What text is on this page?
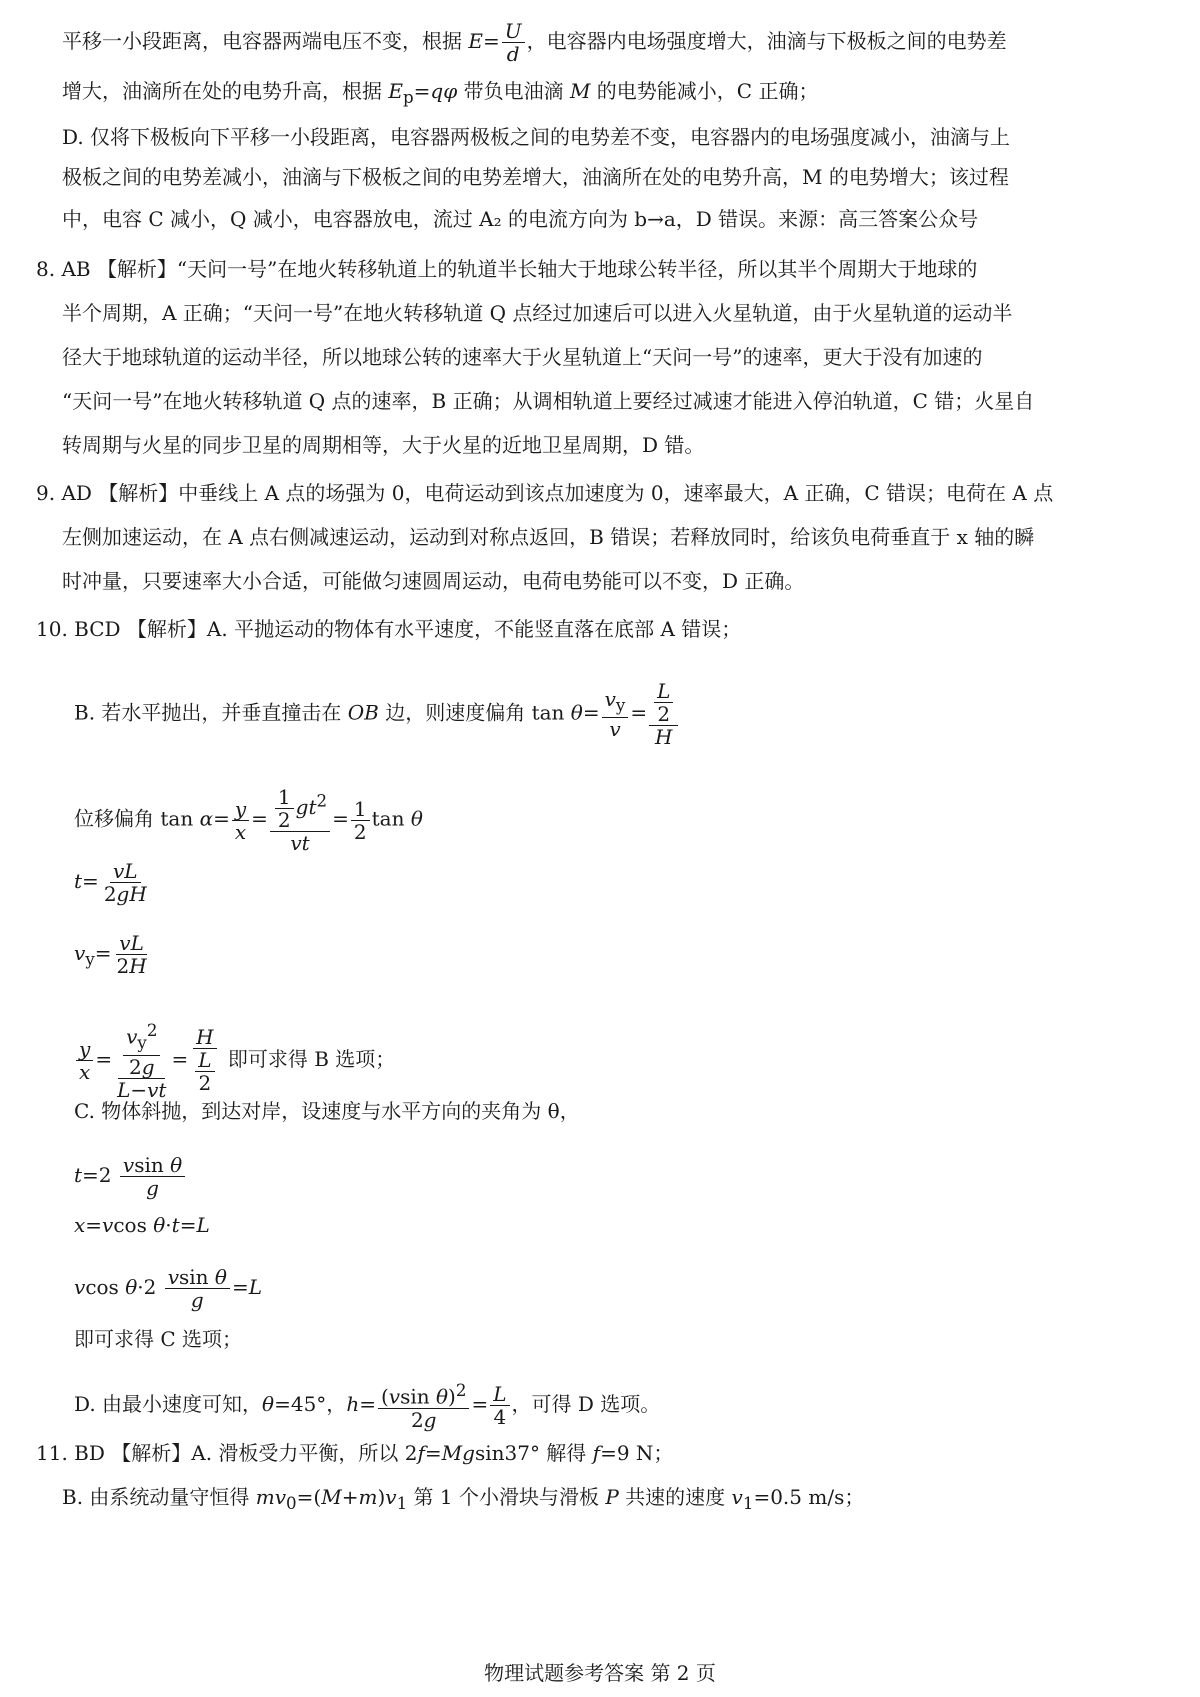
平移一小段距离，电容器两端电压不变，根据 $E= \frac{U}{d}$ ，电容器内电场强度增大，油滴与下极板之间的电势差
增大，油滴所在处的电势升高，根据 $E_p=q\varphi$ 带负电油滴 M 的电势能减小，C 正确；
D. 仅将下极板向下平移一小段距离，电容器两极板之间的电势差不变，电容器内的电场强度减小，油滴与上
极板之间的电势差减小，油滴与下极板之间的电势差增大，油滴所在处的电势升高，M 的电势增大；该过程
中，电容 C 减小，Q 减小，电容器放电，流过 A₂ 的电流方向为 b→a，D 错误。来源：高三答案公众号
8. AB 【解析】“天问一号”在地火转移轨道上的轨道半长轴大于地球公转半径，所以其半个周期大于地球的
半个周期，A 正确；“天问一号”在地火转移轨道 Q 点经过加速后可以进入火星轨道，由于火星轨道的运动半
径大于地球轨道的运动半径，所以地球公转的速率大于火星轨道上“天问一号”的速率，更大于没有加速的
“天问一号”在地火转移轨道 Q 点的速率，B 正确；从调相轨道上要经过减速才能进入停泊轨道，C 错；火星自
转周期与火星的同步卫星的周期相等，大于火星的近地卫星周期，D 错。
9. AD 【解析】中垂线上 A 点的场强为 0，电荷运动到该点加速度为 0，速率最大，A 正确，C 错误；电荷在 A 点
左侧加速运动，在 A 点右侧减速运动，运动到对称点返回，B 错误；若释放同时，给该负电荷垂直于 x 轴的瞬
时冲量，只要速率大小合适，可能做匀速圆周运动，电荷电势能可以不变，D 正确。
10. BCD 【解析】A. 平抛运动的物体有水平速度，不能竖直落在底部 A 错误；
B. 若水平抛出，并垂直撞击在 OB 边，则速度偏角 $\tan \theta= \frac{v_y}{v} = \frac{\frac{L}{2}}{H}$
位移偏角 $\tan \alpha= \frac{y}{x} = \frac{\frac{1}{2} gt^2}{vt} = \frac{1}{2}$ tan θ
$t= \frac{vL}{2gH}$
$v_y= \frac{vL}{2H}$
$\frac{y}{x} = \frac{\frac{v_y^2}{2g}}{L-vt} = \frac{H}{\frac{L}{2}}$ 即可求得 B 选项；
C. 物体斜抛，到达对岸，设速度与水平方向的夹角为 θ，
$t=2 \frac{\text{vsin θ}}{g}$
x=vcos θ·t=L
vcos $\theta\cdot 2 \frac{\text{vsin θ}}{g} =L$
即可求得 C 选项；
D. 由最小速度可知，θ=45°，$h= \frac{(vsin \theta)^2}{2g} = \frac{L}{4}$ ，可得 D 选项。
11. BD 【解析】A. 滑板受力平衡，所以 2f=Mgsin37° 解得 f=9 N；
B. 由系统动量守恒得 $mv_0=(M+m)v_1$ 第 1 个小滑块与滑板 P 共速的速度 $v_1=0.5$ m/s；
物理试题参考答案 第 2 页
